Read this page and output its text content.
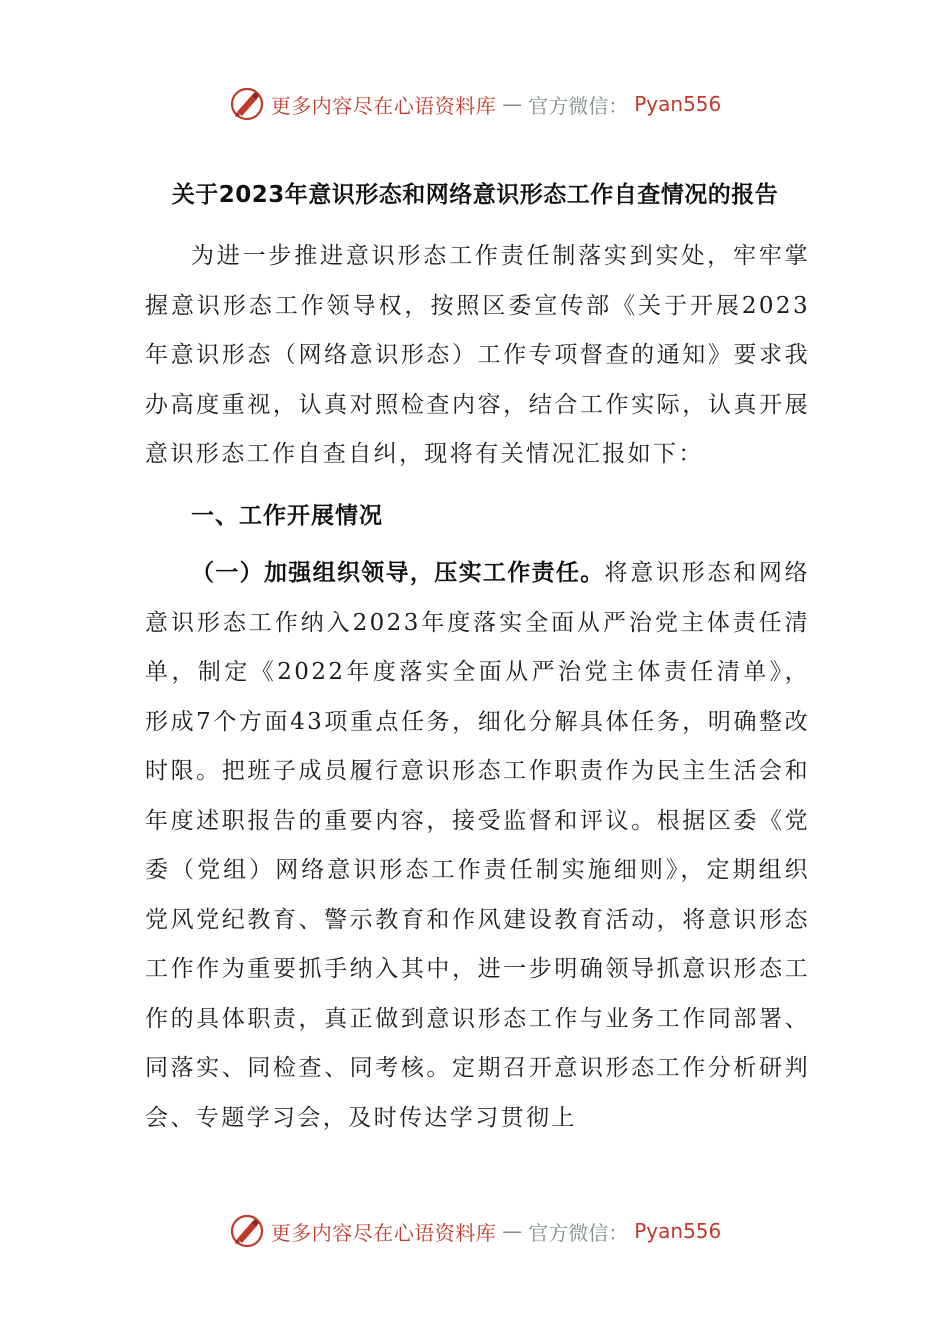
更多内容尽在心语资料库 — 官方微信： Pyan556
关于2023年意识形态和网络意识形态工作自查情况的报告

为进一步推进意识形态工作责任制落实到实处，牢牢掌握意识形态工作领导权，按照区委宣传部《关于开展2023年意识形态（网络意识形态）工作专项督查的通知》要求我办高度重视，认真对照检查内容，结合工作实际，认真开展意识形态工作自查自纠，现将有关情况汇报如下：

一、工作开展情况

（一）加强组织领导，压实工作责任。将意识形态和网络意识形态工作纳入2023年度落实全面从严治党主体责任清单，制定《2022年度落实全面从严治党主体责任清单》，形成7个方面43项重点任务，细化分解具体任务，明确整改时限。把班子成员履行意识形态工作职责作为民主生活会和年度述职报告的重要内容，接受监督和评议。根据区委《党委（党组）网络意识形态工作责任制实施细则》，定期组织党风党纪教育、警示教育和作风建设教育活动，将意识形态工作作为重要抓手纳入其中，进一步明确领导抓意识形态工作的具体职责，真正做到意识形态工作与业务工作同部署、同落实、同检查、同考核。定期召开意识形态工作分析研判会、专题学习会，及时传达学习贯彻上

更多内容尽在心语资料库 — 官方微信： Pyan556
